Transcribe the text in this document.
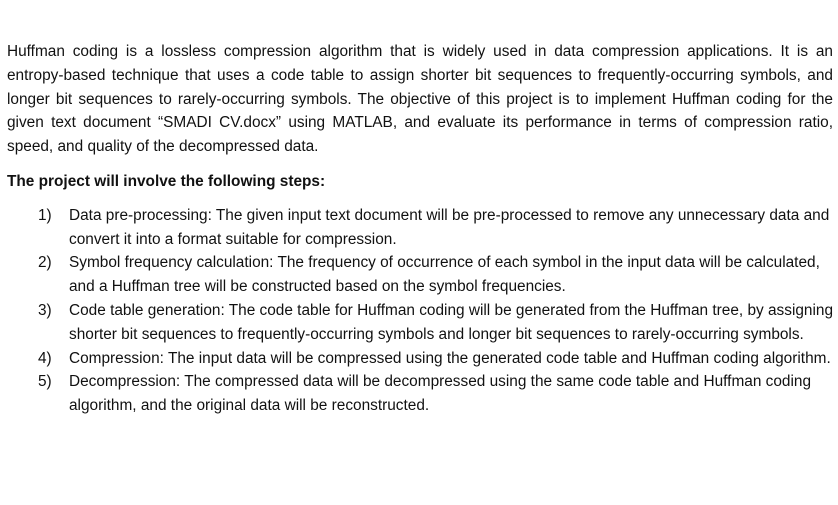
Huffman coding is a lossless compression algorithm that is widely used in data compression applications. It is an entropy-based technique that uses a code table to assign shorter bit sequences to frequently-occurring symbols, and longer bit sequences to rarely-occurring symbols. The objective of this project is to implement Huffman coding for the given text document “SMADI CV.docx” using MATLAB, and evaluate its performance in terms of compression ratio, speed, and quality of the decompressed data.

The project will involve the following steps:

1) Data pre-processing: The given input text document will be pre-processed to remove any unnecessary data and convert it into a format suitable for compression.
2) Symbol frequency calculation: The frequency of occurrence of each symbol in the input data will be calculated, and a Huffman tree will be constructed based on the symbol frequencies.
3) Code table generation: The code table for Huffman coding will be generated from the Huffman tree, by assigning shorter bit sequences to frequently-occurring symbols and longer bit sequences to rarely-occurring symbols.
4) Compression: The input data will be compressed using the generated code table and Huffman coding algorithm.
5) Decompression: The compressed data will be decompressed using the same code table and Huffman coding algorithm, and the original data will be reconstructed.
